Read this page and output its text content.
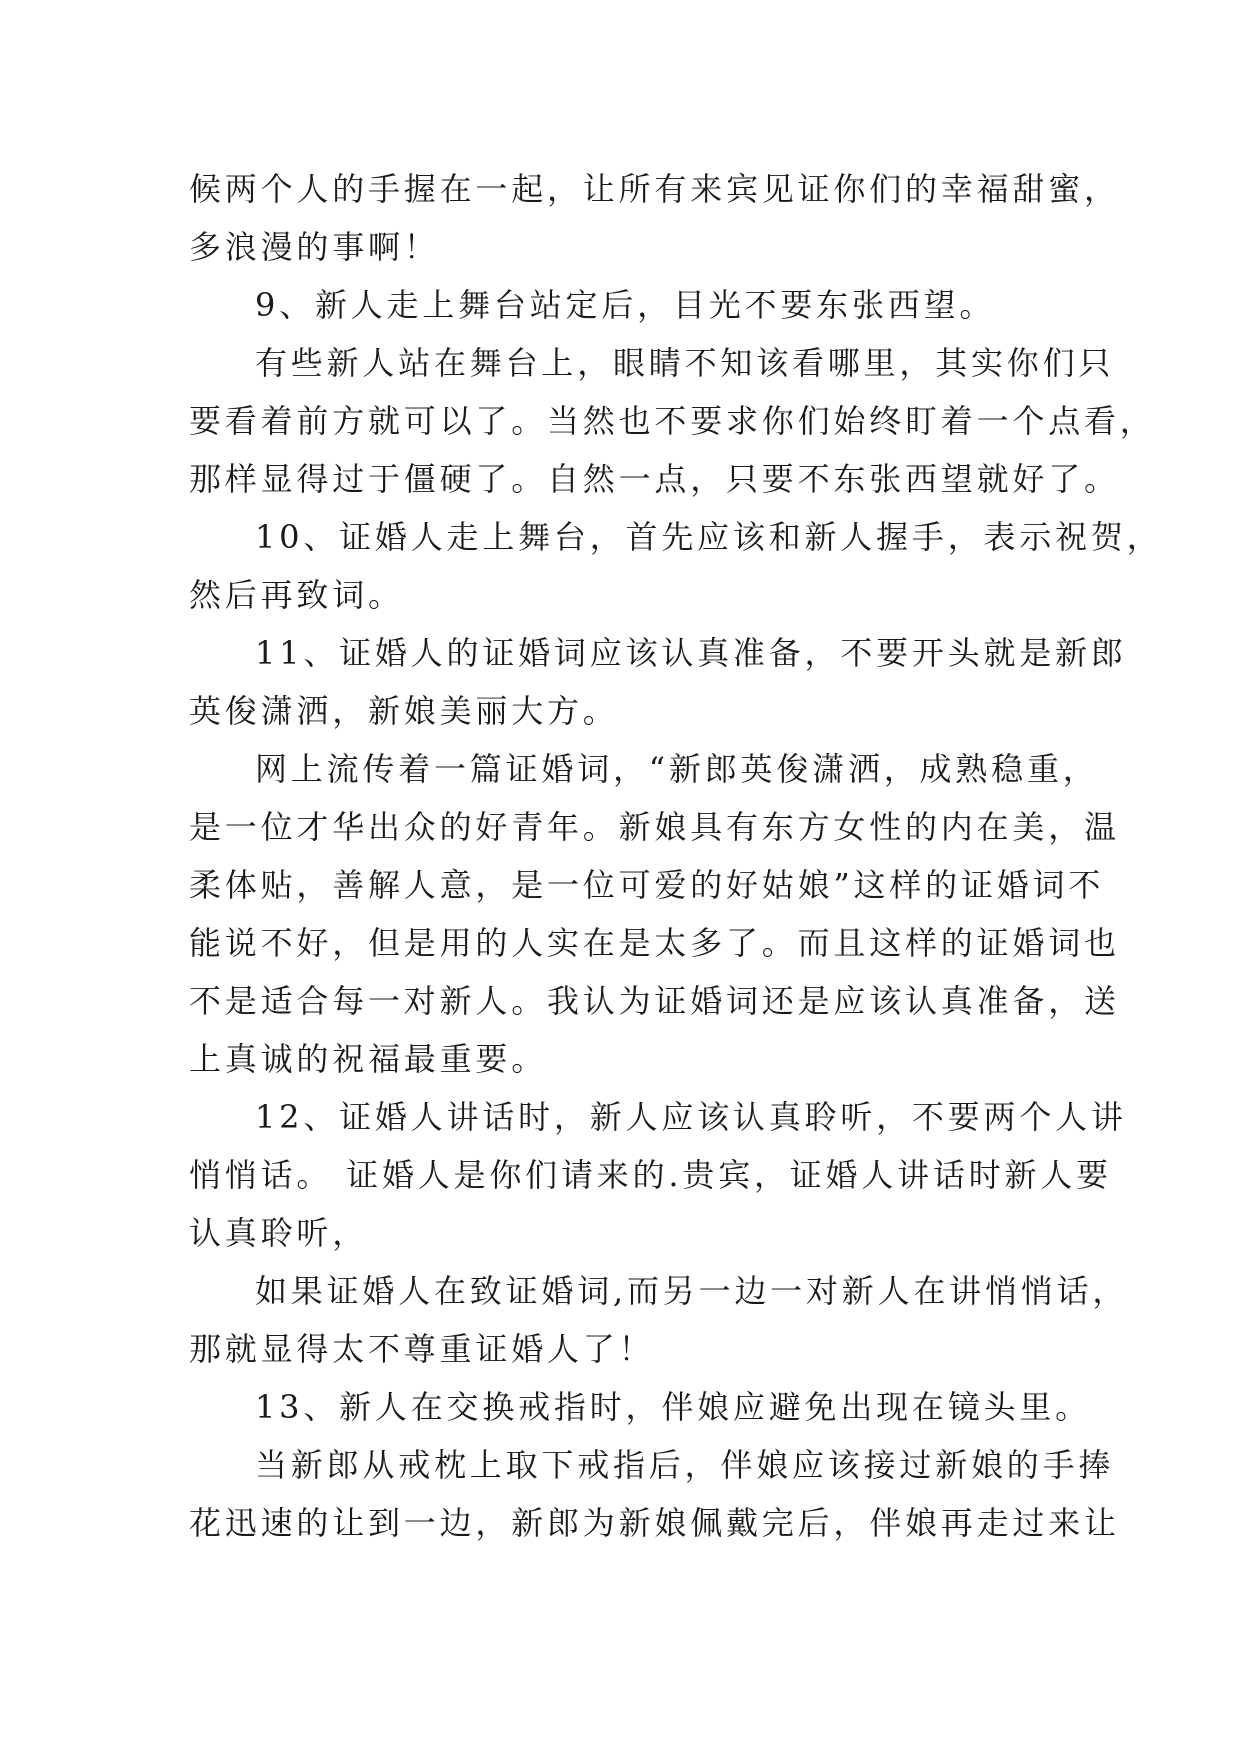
候两个人的手握在一起，让所有来宾见证你们的幸福甜蜜，
多浪漫的事啊！
9、新人走上舞台站定后，目光不要东张西望。
有些新人站在舞台上，眼睛不知该看哪里，其实你们只
要看着前方就可以了。当然也不要求你们始终盯着一个点看，
那样显得过于僵硬了。自然一点，只要不东张西望就好了。
10、证婚人走上舞台，首先应该和新人握手，表示祝贺，
然后再致词。
11、证婚人的证婚词应该认真准备，不要开头就是新郎
英俊潇洒，新娘美丽大方。
网上流传着一篇证婚词，“新郎英俊潇洒，成熟稳重，
是一位才华出众的好青年。新娘具有东方女性的内在美，温
柔体贴，善解人意，是一位可爱的好姑娘”这样的证婚词不
能说不好，但是用的人实在是太多了。而且这样的证婚词也
不是适合每一对新人。我认为证婚词还是应该认真准备，送
上真诚的祝福最重要。
12、证婚人讲话时，新人应该认真聆听，不要两个人讲
悄悄话。 证婚人是你们请来的.贵宾，证婚人讲话时新人要
认真聆听，
如果证婚人在致证婚词,而另一边一对新人在讲悄悄话，
那就显得太不尊重证婚人了！
13、新人在交换戒指时，伴娘应避免出现在镜头里。
当新郎从戒枕上取下戒指后，伴娘应该接过新娘的手捧
花迅速的让到一边，新郎为新娘佩戴完后，伴娘再走过来让
